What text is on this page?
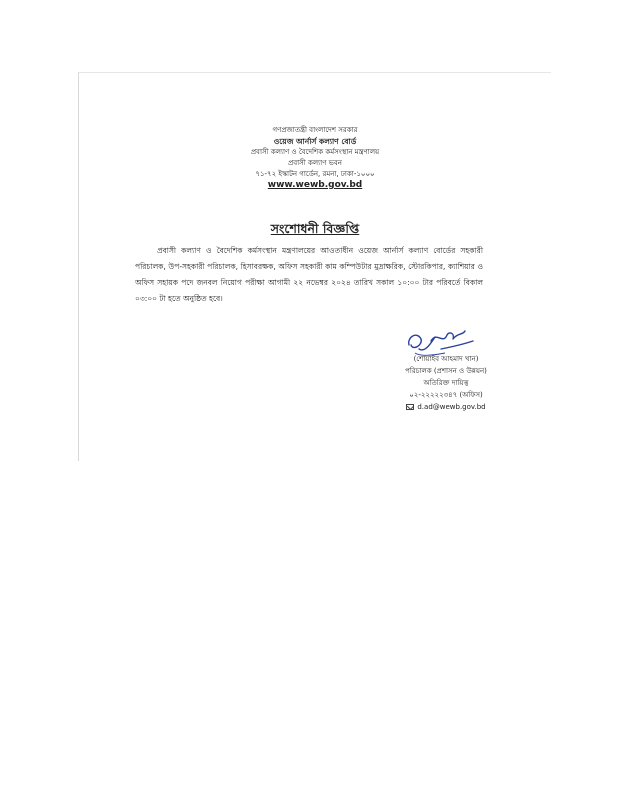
গণপ্রজাতন্ত্রী বাংলাদেশ সরকার
ওয়েজ আর্নার্স কল্যাণ বোর্ড
প্রবাসী কল্যাণ ও বৈদেশিক কর্মসংস্থান মন্ত্রণালয়
প্রবাসী কল্যাণ ভবন
৭১-৭২ ইস্কাটন গার্ডেন, রমনা, ঢাকা-১০০০
www.wewb.gov.bd
সংশোধনী বিজ্ঞপ্তি
প্রবাসী কল্যাণ ও বৈদেশিক কর্মসংস্থান মন্ত্রণালয়ের আওতাধীন ওয়েজ আর্নার্স কল্যাণ বোর্ডের সহকারী পরিচালক, উপ-সহকারী পরিচালক, হিসাবরক্ষক, অফিস সহকারী কাম কম্পিউটার মুদ্রাক্ষরিক, স্টোরকিপার, ক্যাশিয়ার ও অফিস সহায়ক পদে জনবল নিয়োগ পরীক্ষা আগামী ২২ নভেম্বর ২০২৪ তারিখ সকাল ১০:০০ টার পরিবর্তে বিকাল ০৩:০০ টা হতে অনুষ্ঠিত হবে।
(শোয়াইব আহমাদ খান)
পরিচালক (প্রশাসন ও উন্নয়ন)
অতিরিক্ত দায়িত্ব
০২-২২২২২৩৪৭ (অফিস)
d.ad@wewb.gov.bd
